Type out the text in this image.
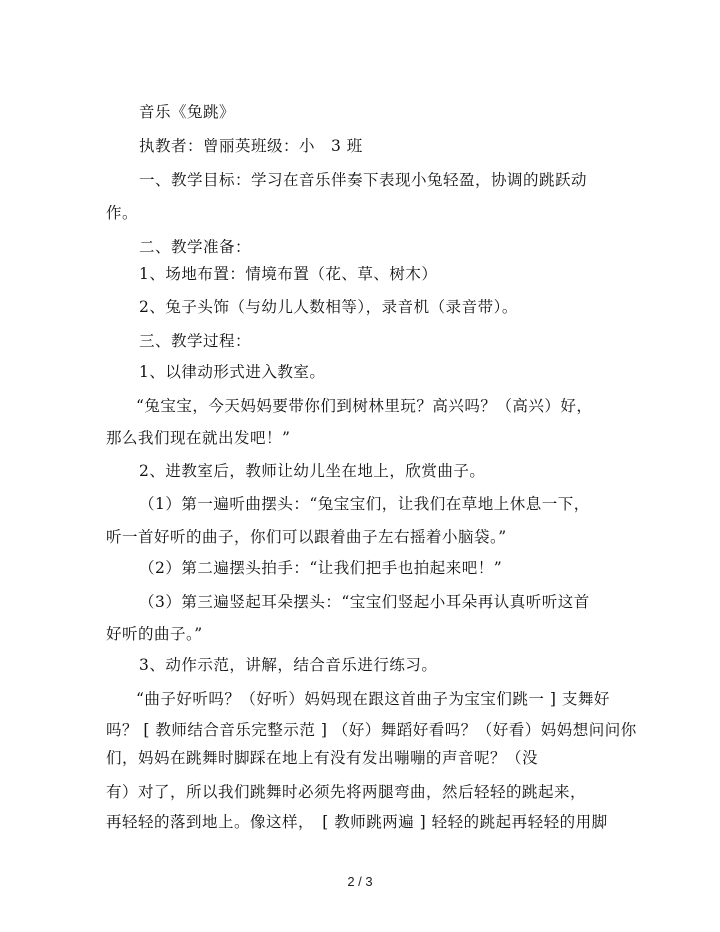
音乐《兔跳》
执教者：曾丽英班级：小　3 班
一、教学目标：学习在音乐伴奏下表现小兔轻盈，协调的跳跃动
作。
二、教学准备：
1、场地布置：情境布置（花、草、树木）
2、兔子头饰（与幼儿人数相等），录音机（录音带）。
三、教学过程：
1、以律动形式进入教室。
“兔宝宝，今天妈妈要带你们到树林里玩？高兴吗？（高兴）好，
那么我们现在就出发吧！”
2、进教室后，教师让幼儿坐在地上，欣赏曲子。
（1）第一遍听曲摆头：“兔宝宝们，让我们在草地上休息一下，
听一首好听的曲子，你们可以跟着曲子左右摇着小脑袋。”
（2）第二遍摆头拍手：“让我们把手也拍起来吧！”
（3）第三遍竖起耳朵摆头：“宝宝们竖起小耳朵再认真听听这首
好听的曲子。”
3、动作示范，讲解，结合音乐进行练习。
“曲子好听吗？（好听）妈妈现在跟这首曲子为宝宝们跳一 ] 支舞好
吗？ [ 教师结合音乐完整示范 ] （好）舞蹈好看吗？（好看）妈妈想问问你
们，妈妈在跳舞时脚踩在地上有没有发出嘣嘣的声音呢？（没
有）对了，所以我们跳舞时必须先将两腿弯曲，然后轻轻的跳起来，
再轻轻的落到地上。像这样，　[ 教师跳两遍 ] 轻轻的跳起再轻轻的用脚
2 / 3
